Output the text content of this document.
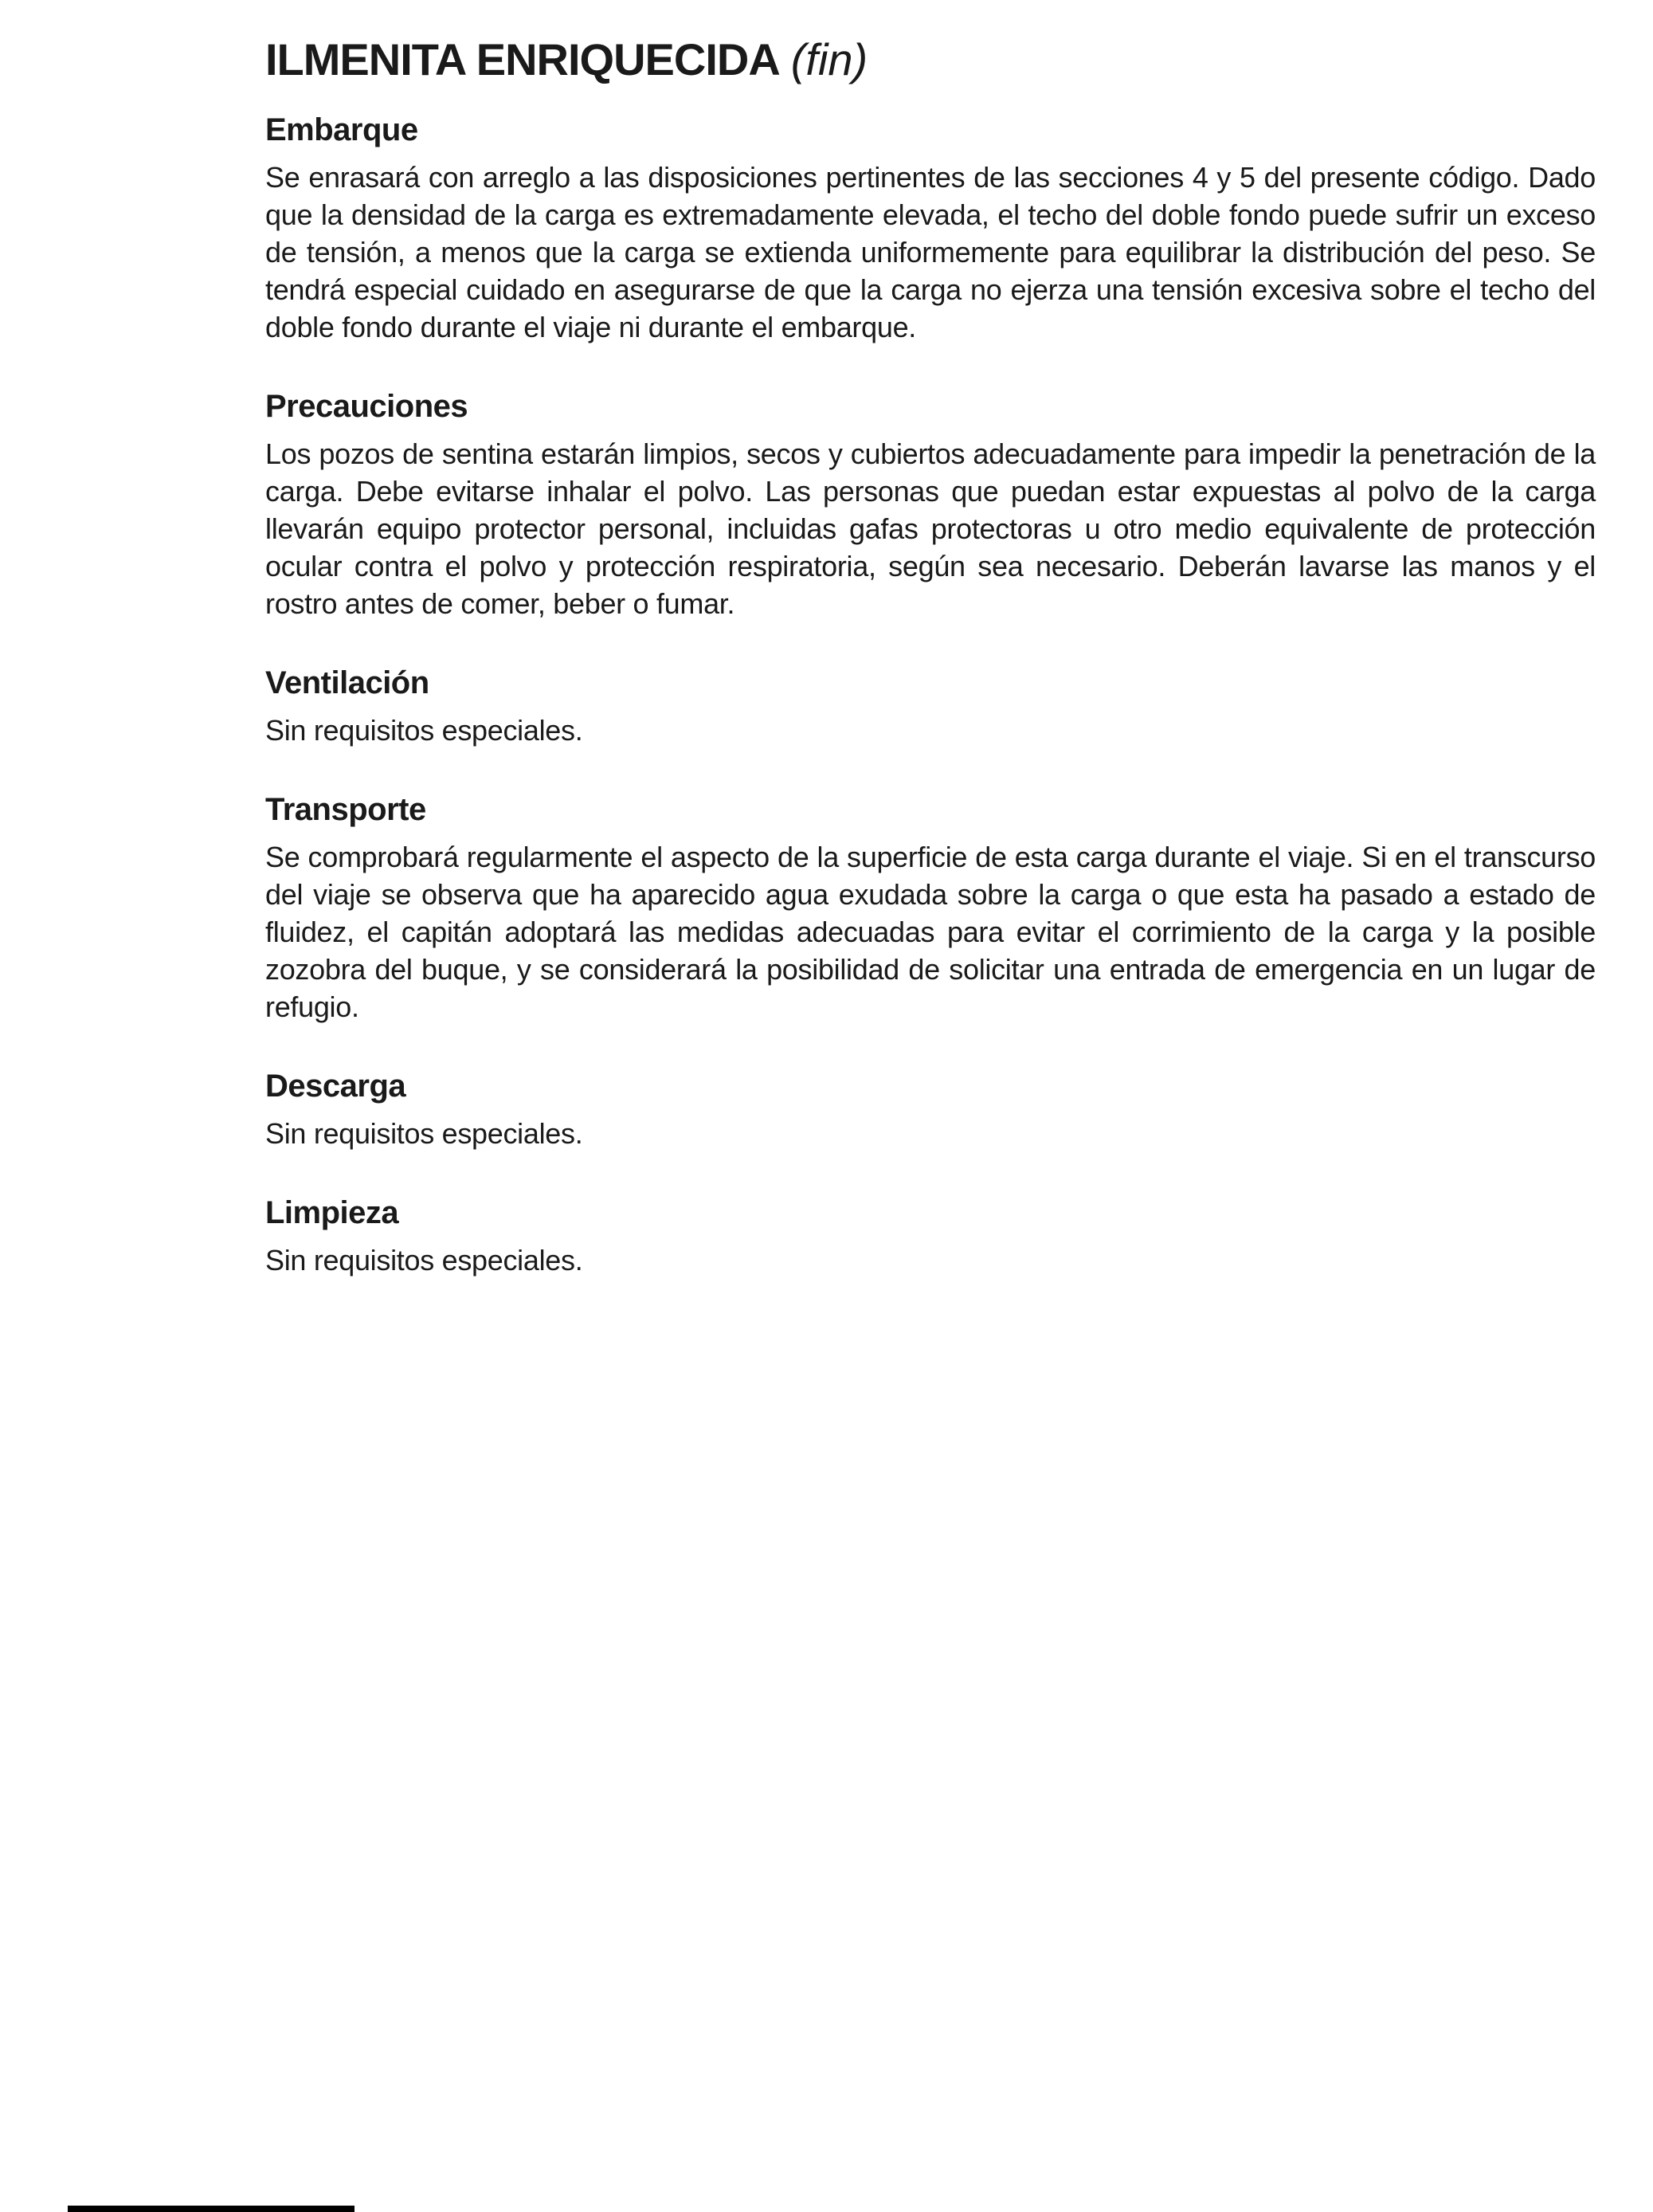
ILMENITA ENRIQUECIDA (fin)
Embarque

Se enrasará con arreglo a las disposiciones pertinentes de las secciones 4 y 5 del presente código. Dado que la densidad de la carga es extremadamente elevada, el techo del doble fondo puede sufrir un exceso de tensión, a menos que la carga se extienda uniformemente para equilibrar la distribución del peso. Se tendrá especial cuidado en asegurarse de que la carga no ejerza una tensión excesiva sobre el techo del doble fondo durante el viaje ni durante el embarque.

Precauciones

Los pozos de sentina estarán limpios, secos y cubiertos adecuadamente para impedir la penetración de la carga. Debe evitarse inhalar el polvo. Las personas que puedan estar expuestas al polvo de la carga llevarán equipo protector personal, incluidas gafas protectoras u otro medio equivalente de protección ocular contra el polvo y protección respiratoria, según sea necesario. Deberán lavarse las manos y el rostro antes de comer, beber o fumar.

Ventilación

Sin requisitos especiales.

Transporte

Se comprobará regularmente el aspecto de la superficie de esta carga durante el viaje. Si en el transcurso del viaje se observa que ha aparecido agua exudada sobre la carga o que esta ha pasado a estado de fluidez, el capitán adoptará las medidas adecuadas para evitar el corrimiento de la carga y la posible zozobra del buque, y se considerará la posibilidad de solicitar una entrada de emergencia en un lugar de refugio.

Descarga

Sin requisitos especiales.

Limpieza

Sin requisitos especiales.
